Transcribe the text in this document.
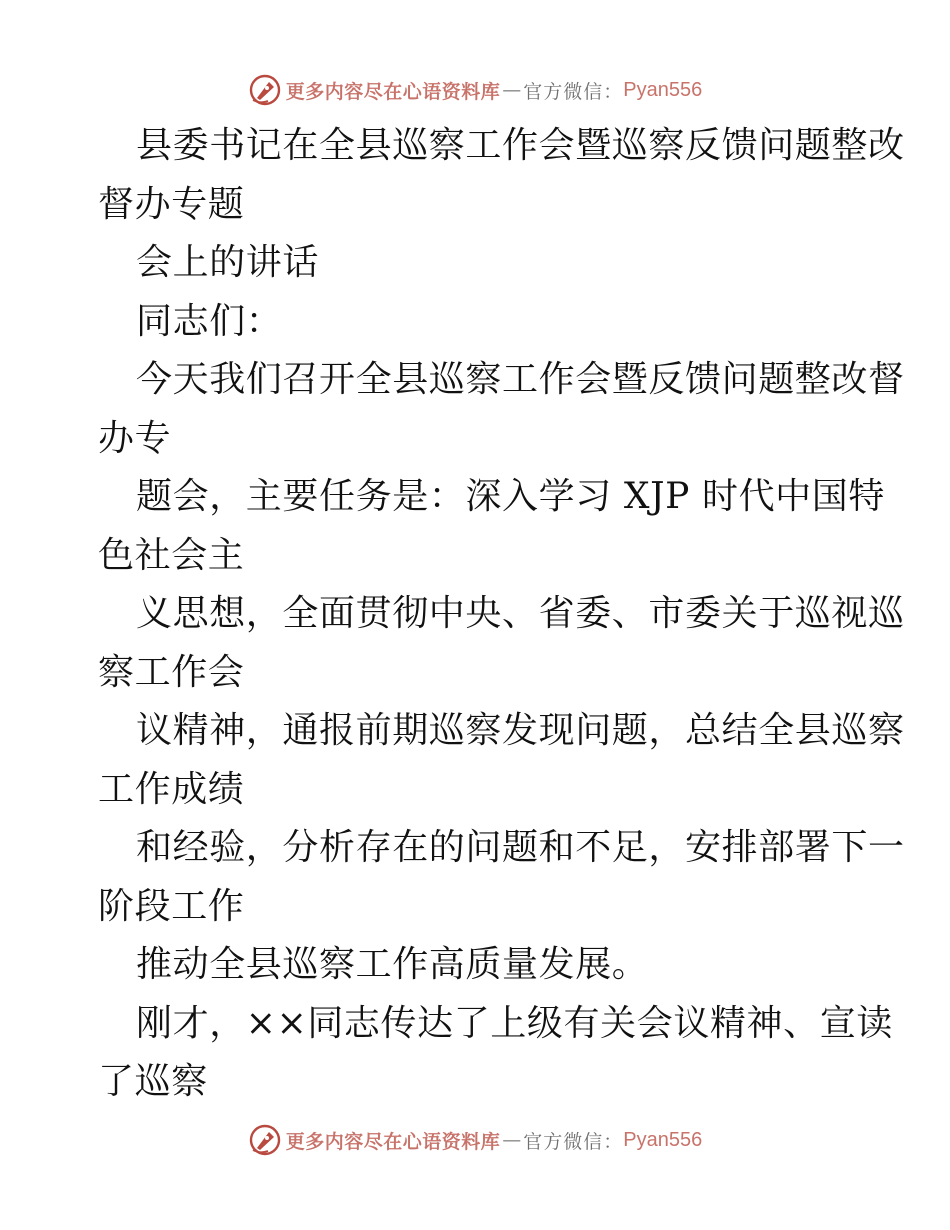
更多内容尽在心语资料库 — 官方微信： Pyan556

县委书记在全县巡察工作会暨巡察反馈问题整改

督办专题

会上的讲话

同志们：

今天我们召开全县巡察工作会暨反馈问题整改督

办专

题会，主要任务是：深入学习 XJP 时代中国特

色社会主

义思想，全面贯彻中央、省委、市委关于巡视巡

察工作会

议精神，通报前期巡察发现问题，总结全县巡察

工作成绩

和经验，分析存在的问题和不足，安排部署下一

阶段工作

推动全县巡察工作高质量发展。

刚才，××同志传达了上级有关会议精神、宣读

了巡察

更多内容尽在心语资料库 — 官方微信： Pyan556
